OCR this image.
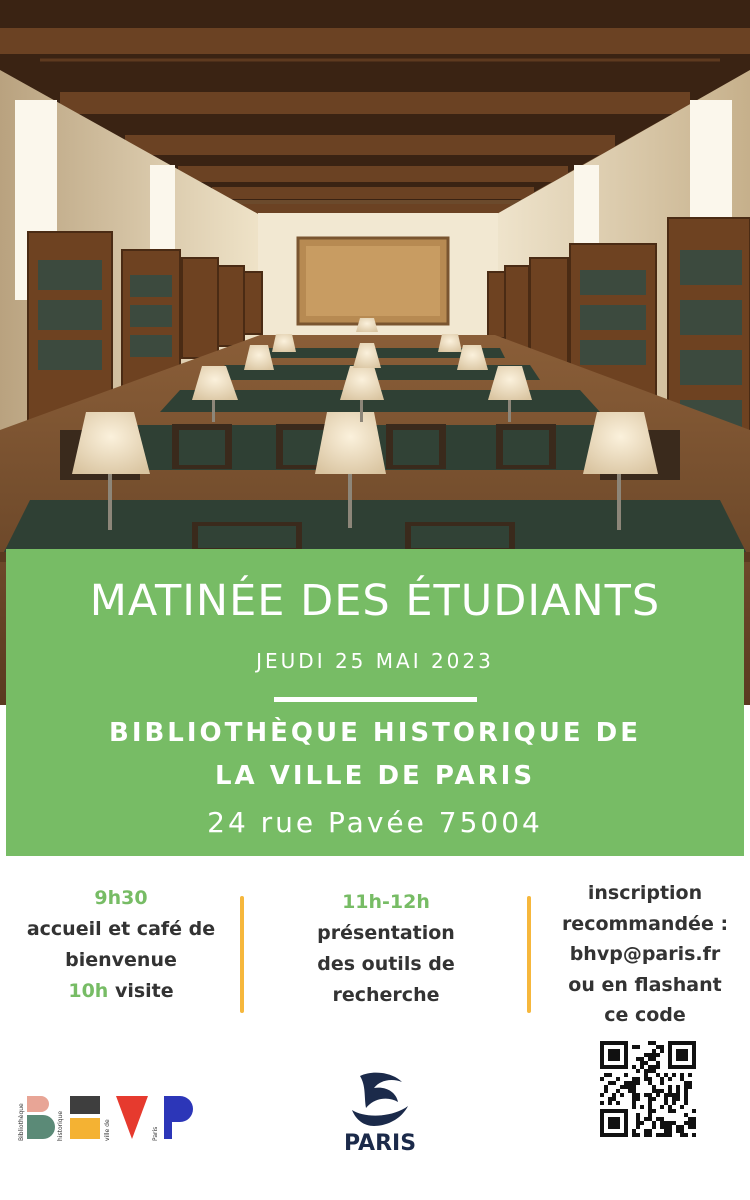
MATINÉE DES ÉTUDIANTS
JEUDI 25 MAI 2023
BIBLIOTHÈQUE HISTORIQUE DE
LA VILLE DE PARIS
24 rue Pavée 75004
9h30
accueil et café de
bienvenue
10h visite
11h-12h
présentation
des outils de
recherche
inscription
recommandée :
bhvp@paris.fr
ou en flashant
ce code
Bibliothèque	historique	ville de	Paris	PARIS
